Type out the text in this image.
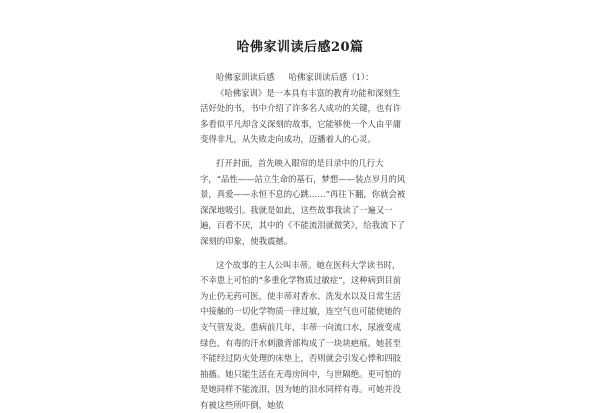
哈佛家训读后感20篇
哈佛家训读后感 哈佛家训读后感（1）：

《哈佛家训》是一本具有丰富的教育功能和深刻生活好处的书，书中介绍了许多名人成功的关键，也有许多看似平凡却含义深刻的故事，它能够使一个人由平庸变得非凡，从失败走向成功，迈播着人的心灵。

打开封面，首先映入眼帘的是目录中的几行大字，“品性——站立生命的基石，梦想——装点岁月的风景，真爱——永恒不息的心跳……”再往下翻，你就会被深深地吸引。我就是如此，这些故事我读了一遍又一遍，百看不厌，其中的《不能流泪就微笑》，给我流下了深刻的印象，使我震撼。

这个故事的主人公叫丰蒂。她在医科大学读书时，不幸患上可怕的“多重化学物质过敏症”，这种病到目前为止仍无药可医，使丰蒂对香水、洗发水以及日常生活中接触的一切化学物质一律过敏，连空气也可能使她的支气管发炎。患病前几年，丰蒂一向流口水，尿液变成绿色，有毒的汗水刺激背部构成了一块块疤痕。她甚至不能经过防火处理的床垫上，否则就会引发心悸和四肢抽搐。她只能生活在无毒房间中，与世隔绝。更可怕的是她同样不能流泪，因为她的泪水同样有毒。可她并没有被这些所吓倒，她依
